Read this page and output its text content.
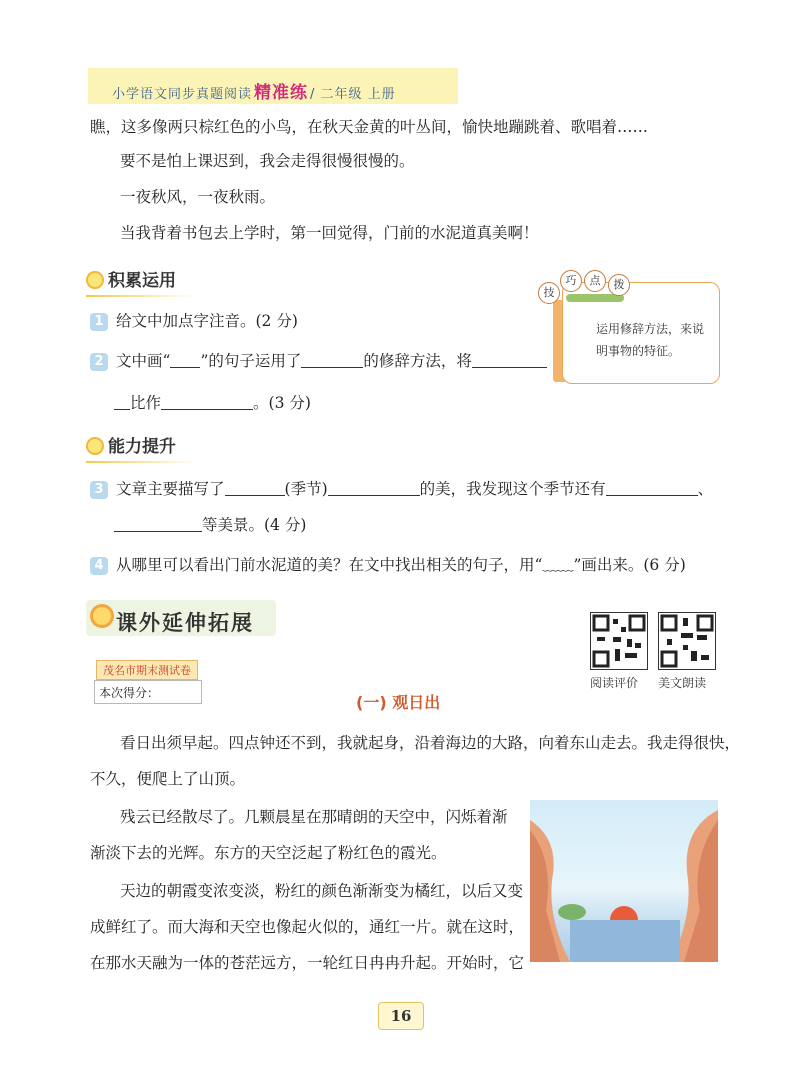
小学语文同步真题阅读 精准练 / 二年级 上册
瞧，这多像两只棕红色的小鸟，在秋天金黄的叶丛间，愉快地蹦跳着、歌唱着……
要不是怕上课迟到，我会走得很慢很慢的。
一夜秋风，一夜秋雨。
当我背着书包去上学时，第一回觉得，门前的水泥道真美啊！
积累运用
技
巧	点	拨
运用修辞方法，来说明事物的特征。
1 给文中加点字注音。(2 分)
2 文中画“ ”的句子运用了	的修辞方法，将
比作	。(3 分)
能力提升
3 文章主要描写了	(季节)	的美，我发现这个季节还有	、
等美景。(4 分)
4 从哪里可以看出门前水泥道的美？在文中找出相关的句子，用“﹏﹏”画出来。(6 分)
课外延伸拓展
阅读评价 美文朗读
茂名市期末测试卷
本次得分：	(一) 观日出
看日出须早起。四点钟还不到，我就起身，沿着海边的大路，向着东山走去。我走得很快，
不久，便爬上了山顶。
残云已经散尽了。几颗晨星在那晴朗的天空中，闪烁着渐
渐淡下去的光辉。东方的天空泛起了粉红色的霞光。
天边的朝霞变浓变淡，粉红的颜色渐渐变为橘红，以后又变
成鲜红了。而大海和天空也像起火似的，通红一片。就在这时，
在那水天融为一体的苍茫远方，一轮红日冉冉升起。开始时，它
16
